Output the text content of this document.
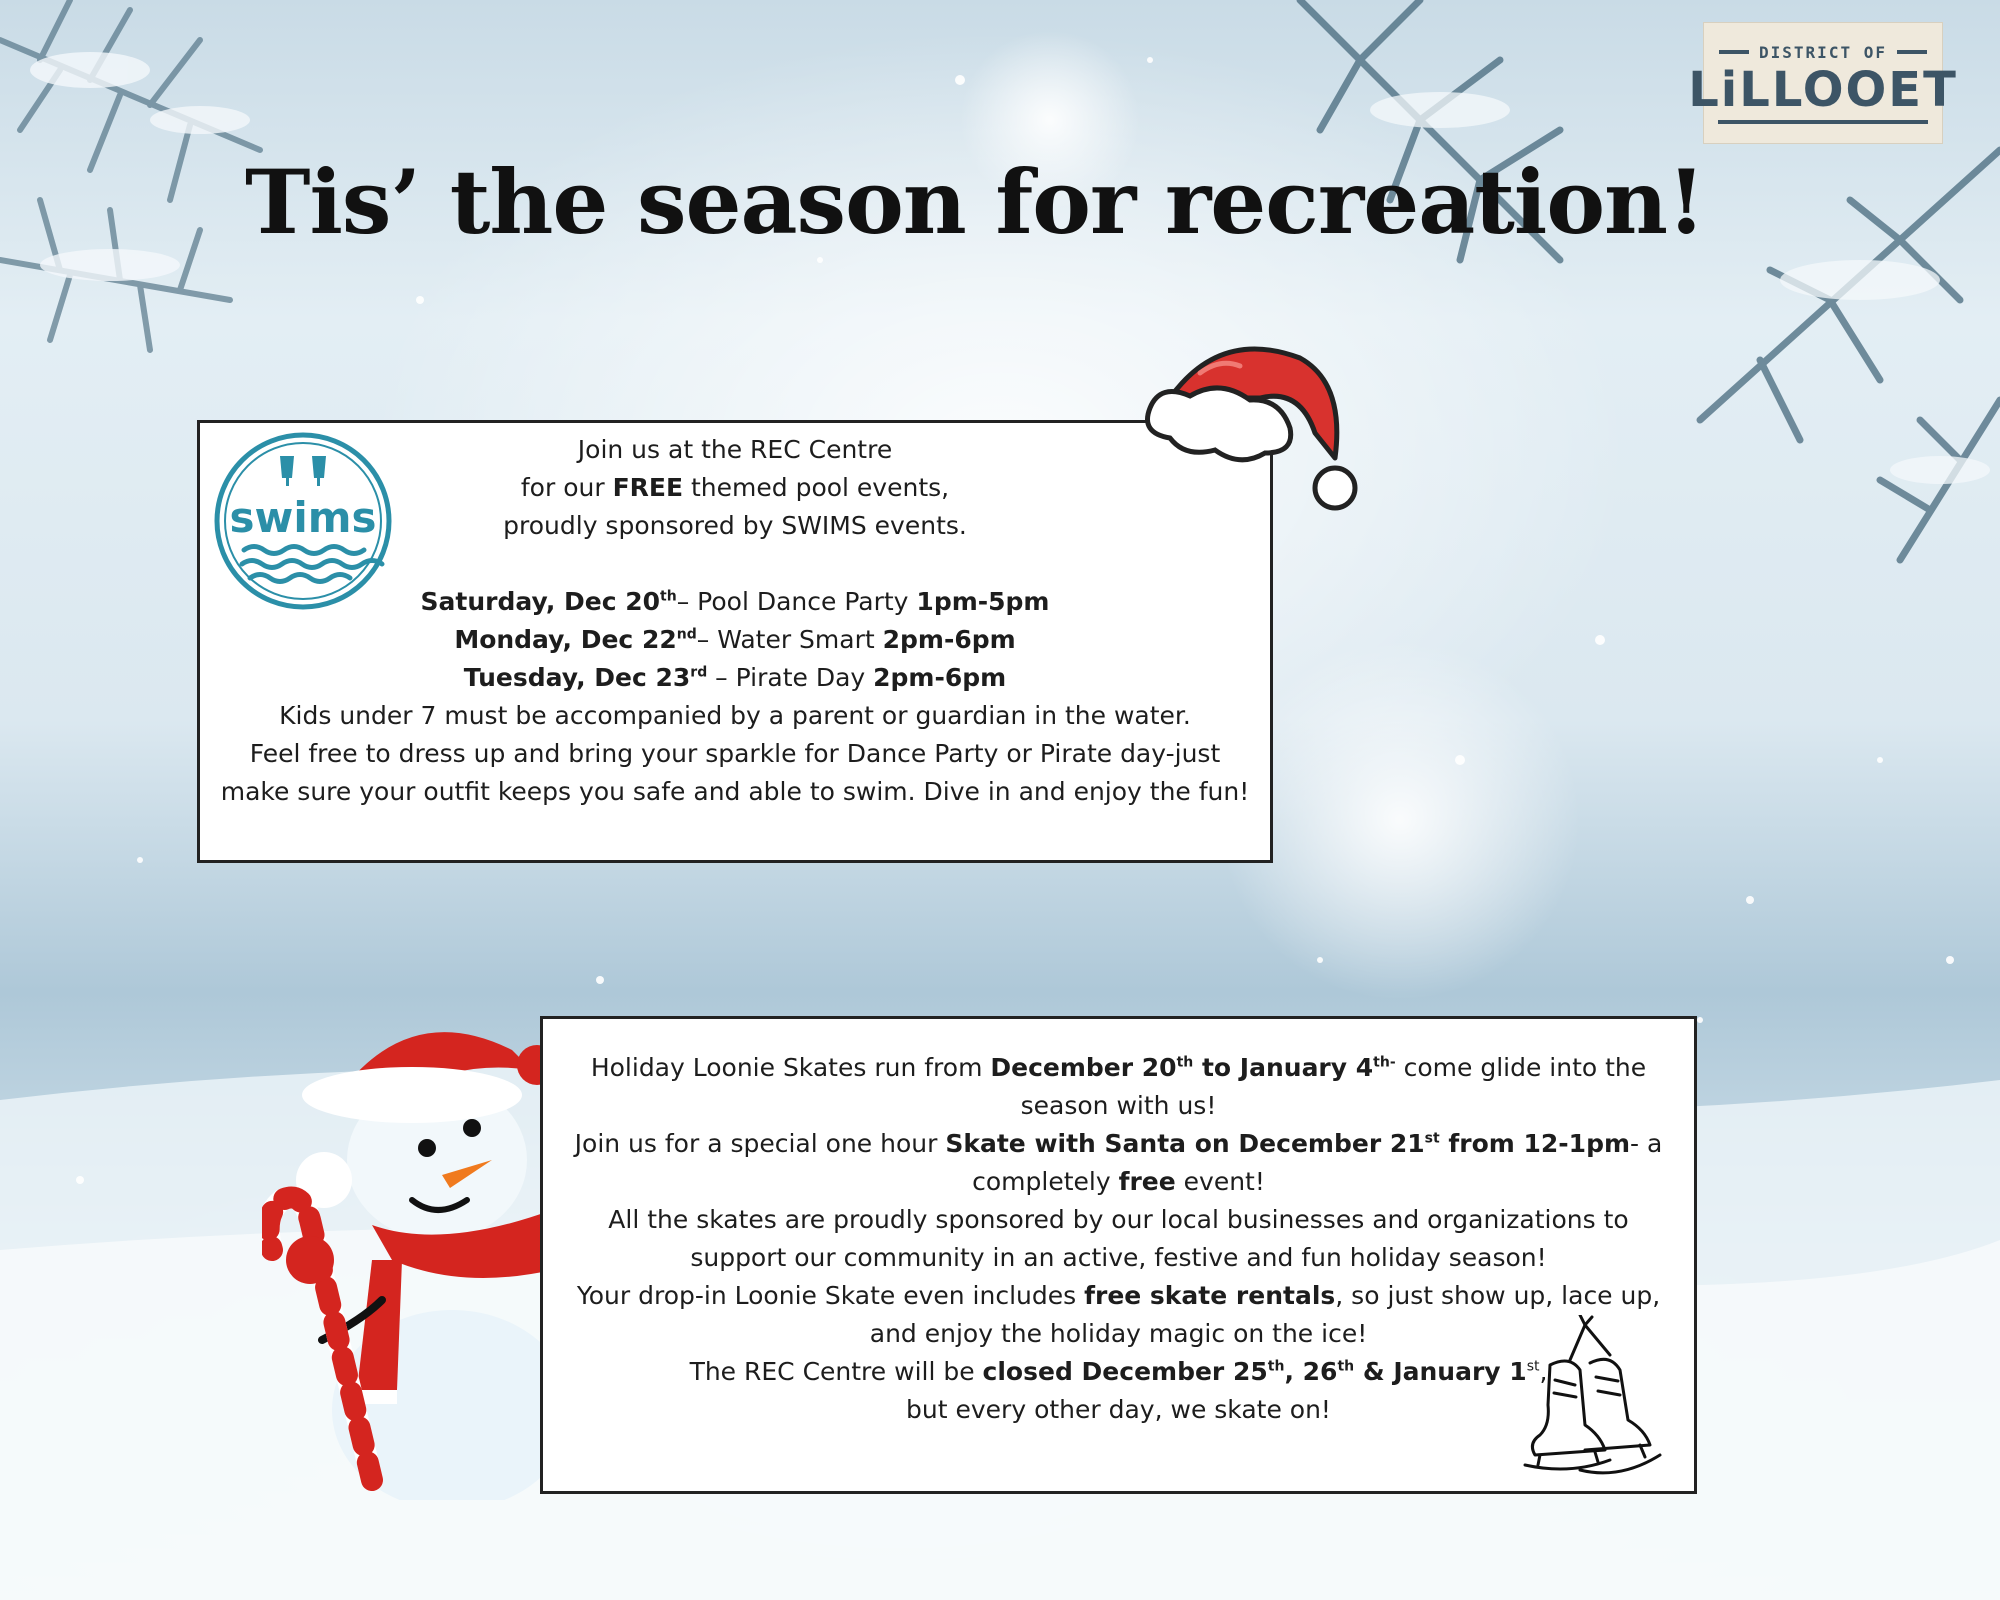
DISTRICT OF
LiLLOOET
Tis’ the season for recreation!

Join us at the REC Centre

for our FREE themed pool events,

proudly sponsored by SWIMS events.

Saturday, Dec 20th– Pool Dance Party 1pm-5pm

Monday, Dec 22nd– Water Smart 2pm-6pm

Tuesday, Dec 23rd – Pirate Day 2pm-6pm

Kids under 7 must be accompanied by a parent or guardian in the water.

Feel free to dress up and bring your sparkle for Dance Party or Pirate day-just make sure your outfit keeps you safe and able to swim. Dive in and enjoy the fun!

swims

Holiday Loonie Skates run from December 20th to January $4^{th-}$ come glide into the season with us!

Join us for a special one hour Skate with Santa on December 21st from 12-1pm- a completely free event!

All the skates are proudly sponsored by our local businesses and organizations to support our community in an active, festive and fun holiday season!

Your drop-in Loonie Skate even includes free skate rentals, so just show up, lace up, and enjoy the holiday magic on the ice!

The REC Centre will be closed December 25th, 26th & January 1st,

but every other day, we skate on!
